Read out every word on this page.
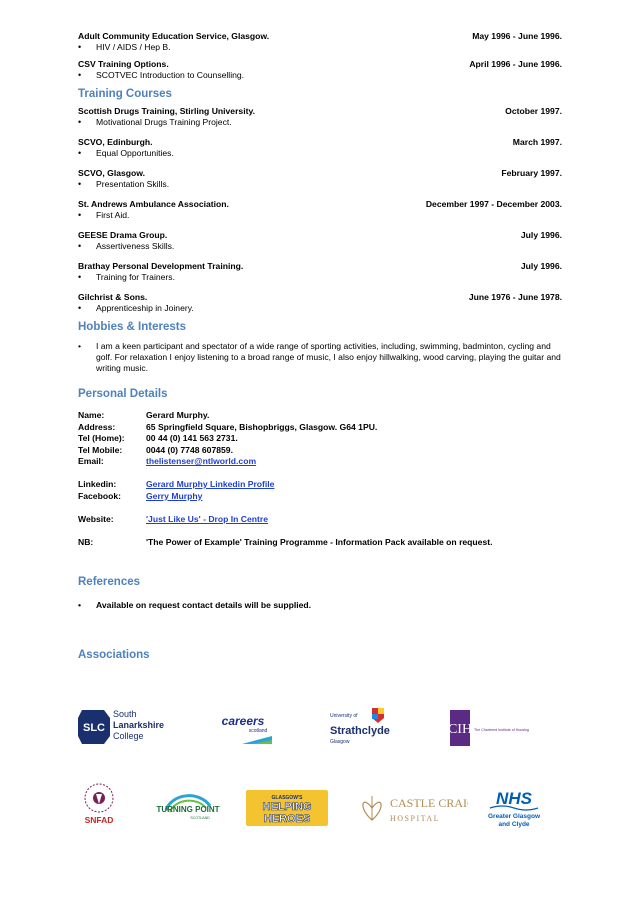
Adult Community Education Service, Glasgow.	May 1996 - June 1996.
•	HIV / AIDS / Hep B.
CSV Training Options.	April 1996 - June 1996.
•	SCOTVEC Introduction to Counselling.
Training Courses
Scottish Drugs Training, Stirling University.	October 1997.
•	Motivational Drugs Training Project.
SCVO, Edinburgh.	March 1997.
•	Equal Opportunities.
SCVO, Glasgow.	February 1997.
•	Presentation Skills.
St. Andrews Ambulance Association.	December 1997 - December 2003.
•	First Aid.
GEESE Drama Group.	July 1996.
•	Assertiveness Skills.
Brathay Personal Development Training.	July 1996.
•	Training for Trainers.
Gilchrist & Sons.	June 1976 - June 1978.
•	Apprenticeship in Joinery.
Hobbies & Interests
•	I am a keen participant and spectator of a wide range of sporting activities, including, swimming, badminton, cycling and golf. For relaxation I enjoy listening to a broad range of music, I also enjoy hillwalking, wood carving, playing the guitar and writing music.
Personal Details
Name:	Gerard Murphy.
Address:	65 Springfield Square, Bishopbriggs, Glasgow. G64 1PU.
Tel (Home):	00 44 (0) 141 563 2731.
Tel Mobile:	0044 (0) 7748 607859.
Email:	thelistenser@ntlworld.com

Linkedin:	Gerard Murphy Linkedin Profile
Facebook:	Gerry Murphy

Website:	'Just Like Us' - Drop In Centre

NB:	'The Power of Example' Training Programme - Information Pack available on request.
References
•	Available on request contact details will be supplied.
Associations
SLC
South
Lanarkshire
College
careers
scotland
University of
Strathclyde
Glasgow
CIH The Chartered Institute of Housing
SNFAD
TURNING POINT
SCOTLAND
GLASGOW'S
HELPING
HEROES
CASTLE CRAIG
HOSPITAL
NHS
Greater Glasgow
and Clyde
